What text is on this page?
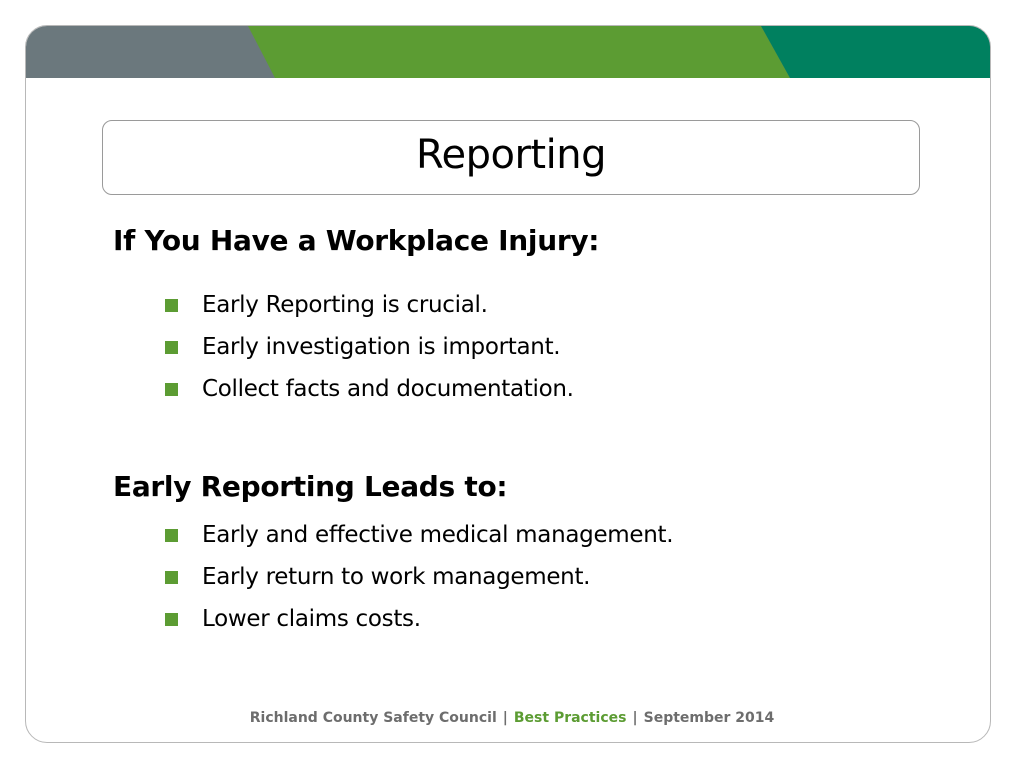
Reporting
If You Have a Workplace Injury:
Early Reporting is crucial.
Early investigation is important.
Collect facts and documentation.
Early Reporting Leads to:
Early and effective medical management.
Early return to work management.
Lower claims costs.
Richland County Safety Council | Best Practices | September 2014
